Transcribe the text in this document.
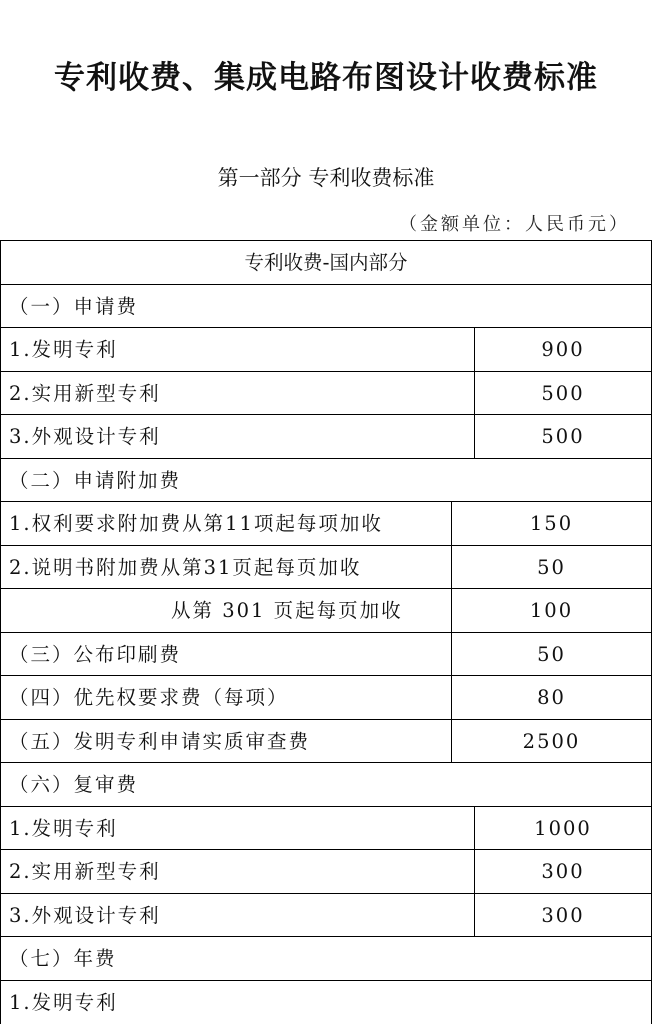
专利收费、集成电路布图设计收费标准
第一部分 专利收费标准
（金额单位：人民币元）
专利收费-国内部分
（一）申请费
1.发明专利	900
2.实用新型专利	500
3.外观设计专利	500
（二）申请附加费
1.权利要求附加费从第11项起每项加收	150
2.说明书附加费从第31页起每页加收	50
从第 301 页起每页加收	100
（三）公布印刷费	50
（四）优先权要求费（每项）	80
（五）发明专利申请实质审查费	2500
（六）复审费
1.发明专利	1000
2.实用新型专利	300
3.外观设计专利	300
（七）年费
1.发明专利
